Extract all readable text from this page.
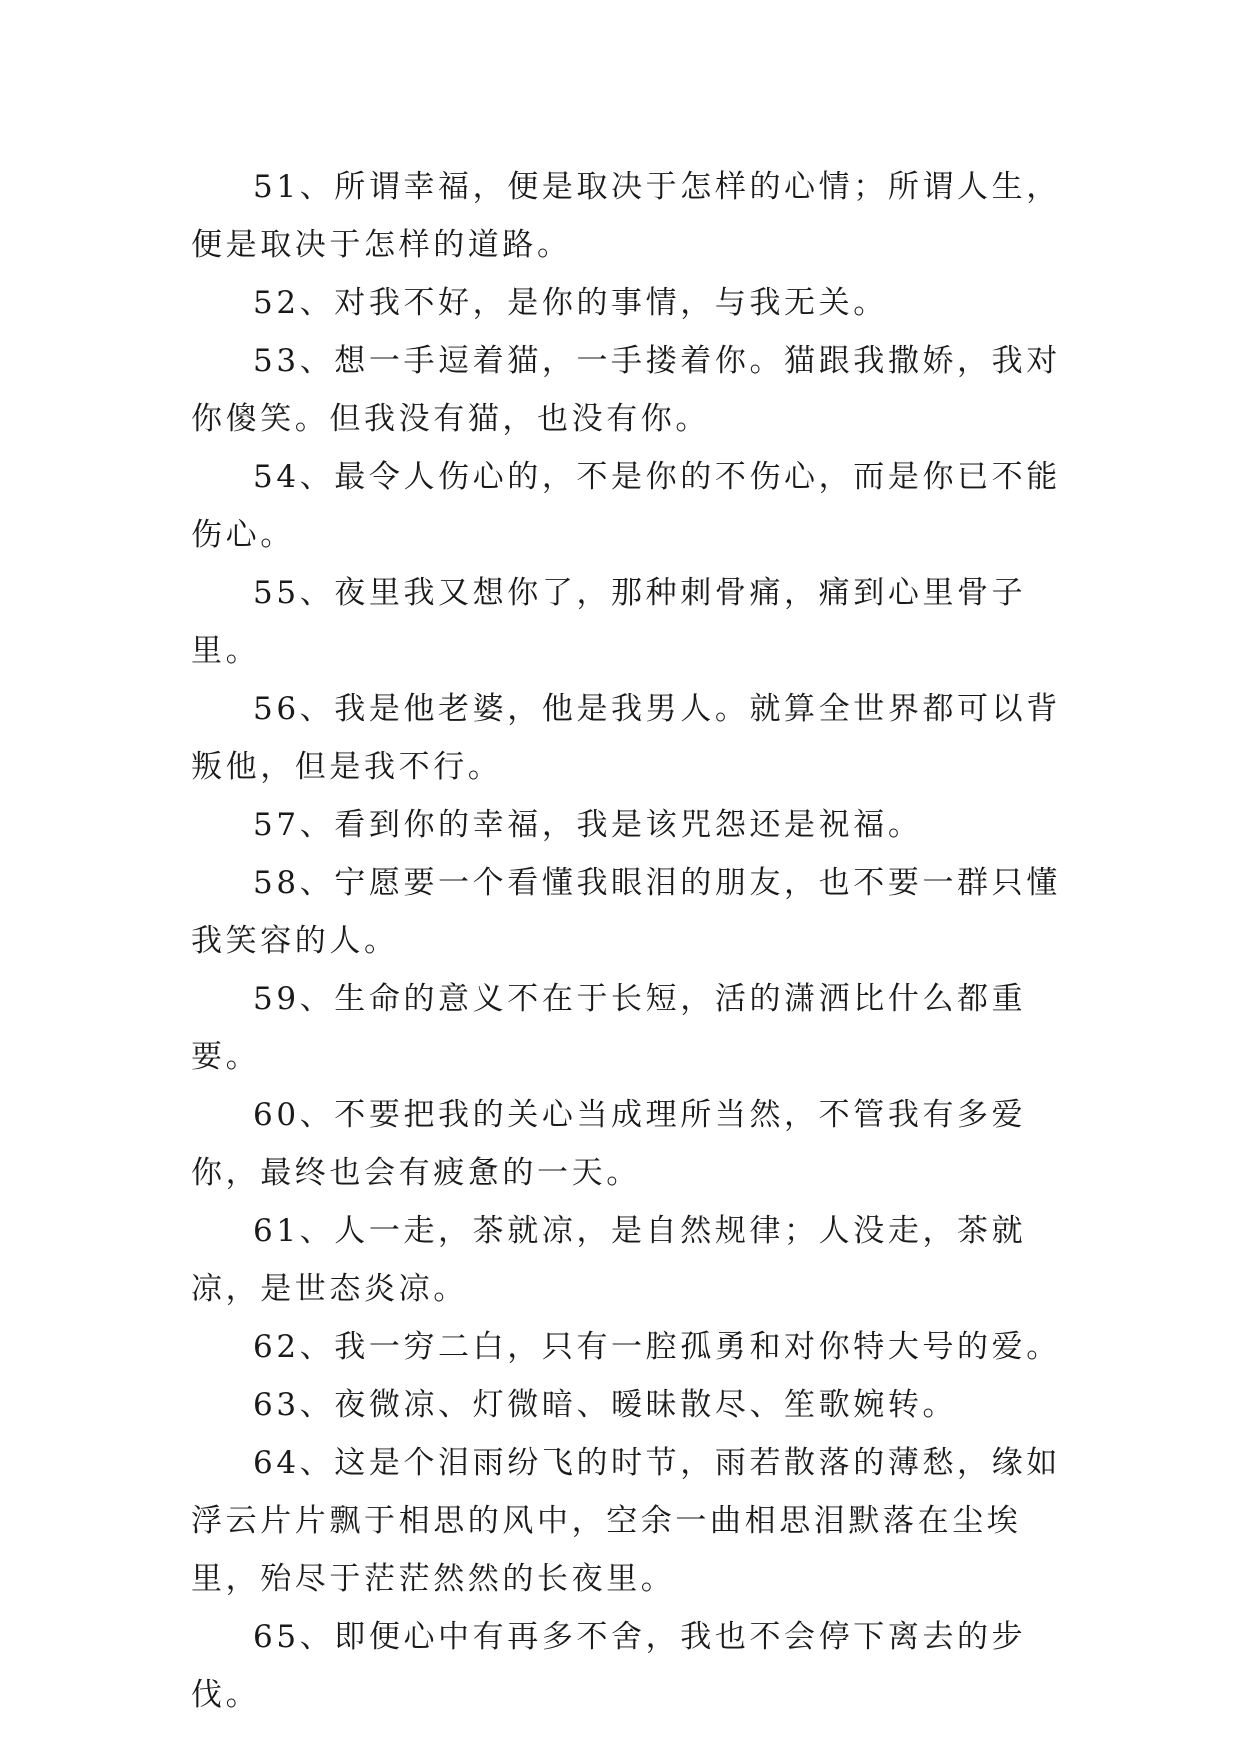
51、所谓幸福，便是取决于怎样的心情；所谓人生，便是取决于怎样的道路。

52、对我不好，是你的事情，与我无关。

53、想一手逗着猫，一手搂着你。猫跟我撒娇，我对你傻笑。但我没有猫，也没有你。

54、最令人伤心的，不是你的不伤心，而是你已不能伤心。

55、夜里我又想你了，那种刺骨痛，痛到心里骨子里。

56、我是他老婆，他是我男人。就算全世界都可以背叛他，但是我不行。

57、看到你的幸福，我是该咒怨还是祝福。

58、宁愿要一个看懂我眼泪的朋友，也不要一群只懂我笑容的人。

59、生命的意义不在于长短，活的潇洒比什么都重要。

60、不要把我的关心当成理所当然，不管我有多爱你，最终也会有疲惫的一天。

61、人一走，茶就凉，是自然规律；人没走，茶就凉，是世态炎凉。

62、我一穷二白，只有一腔孤勇和对你特大号的爱。

63、夜微凉、灯微暗、暧昧散尽、笙歌婉转。

64、这是个泪雨纷飞的时节，雨若散落的薄愁，缘如浮云片片飘于相思的风中，空余一曲相思泪默落在尘埃里，殆尽于茫茫然然的长夜里。

65、即便心中有再多不舍，我也不会停下离去的步伐。
